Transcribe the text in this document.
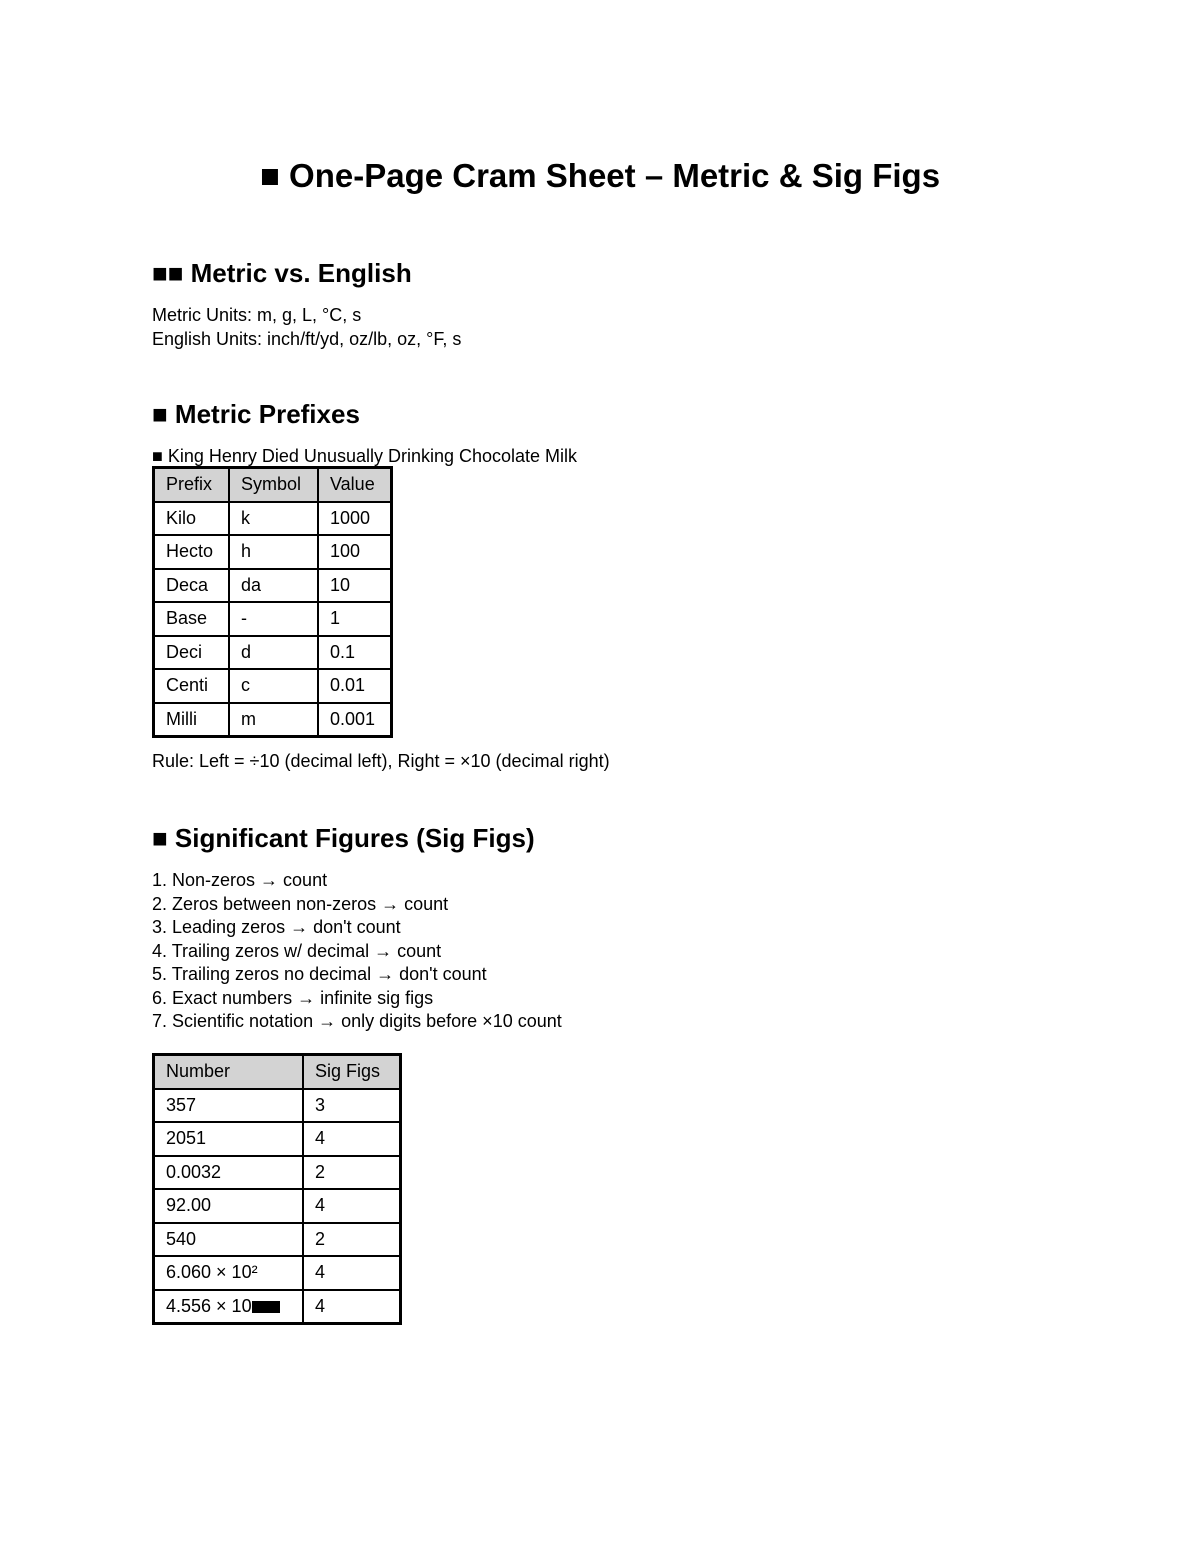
■ One-Page Cram Sheet – Metric & Sig Figs
■■ Metric vs. English
Metric Units: m, g, L, °C, s
English Units: inch/ft/yd, oz/lb, oz, °F, s
■ Metric Prefixes
■ King Henry Died Unusually Drinking Chocolate Milk
Prefix	Symbol	Value
Kilo	k	1000
Hecto	h	100
Deca	da	10
Base	-	1
Deci	d	0.1
Centi	c	0.01
Milli	m	0.001
Rule: Left = ÷10 (decimal left), Right = ×10 (decimal right)
■ Significant Figures (Sig Figs)
1. Non-zeros → count
2. Zeros between non-zeros → count
3. Leading zeros → don't count
4. Trailing zeros w/ decimal → count
5. Trailing zeros no decimal → don't count
6. Exact numbers → infinite sig figs
7. Scientific notation → only digits before ×10 count
Number	Sig Figs
357	3
2051	4
0.0032	2
92.00	4
540	2
6.060 × 10²	4
4.556 × 10	4
